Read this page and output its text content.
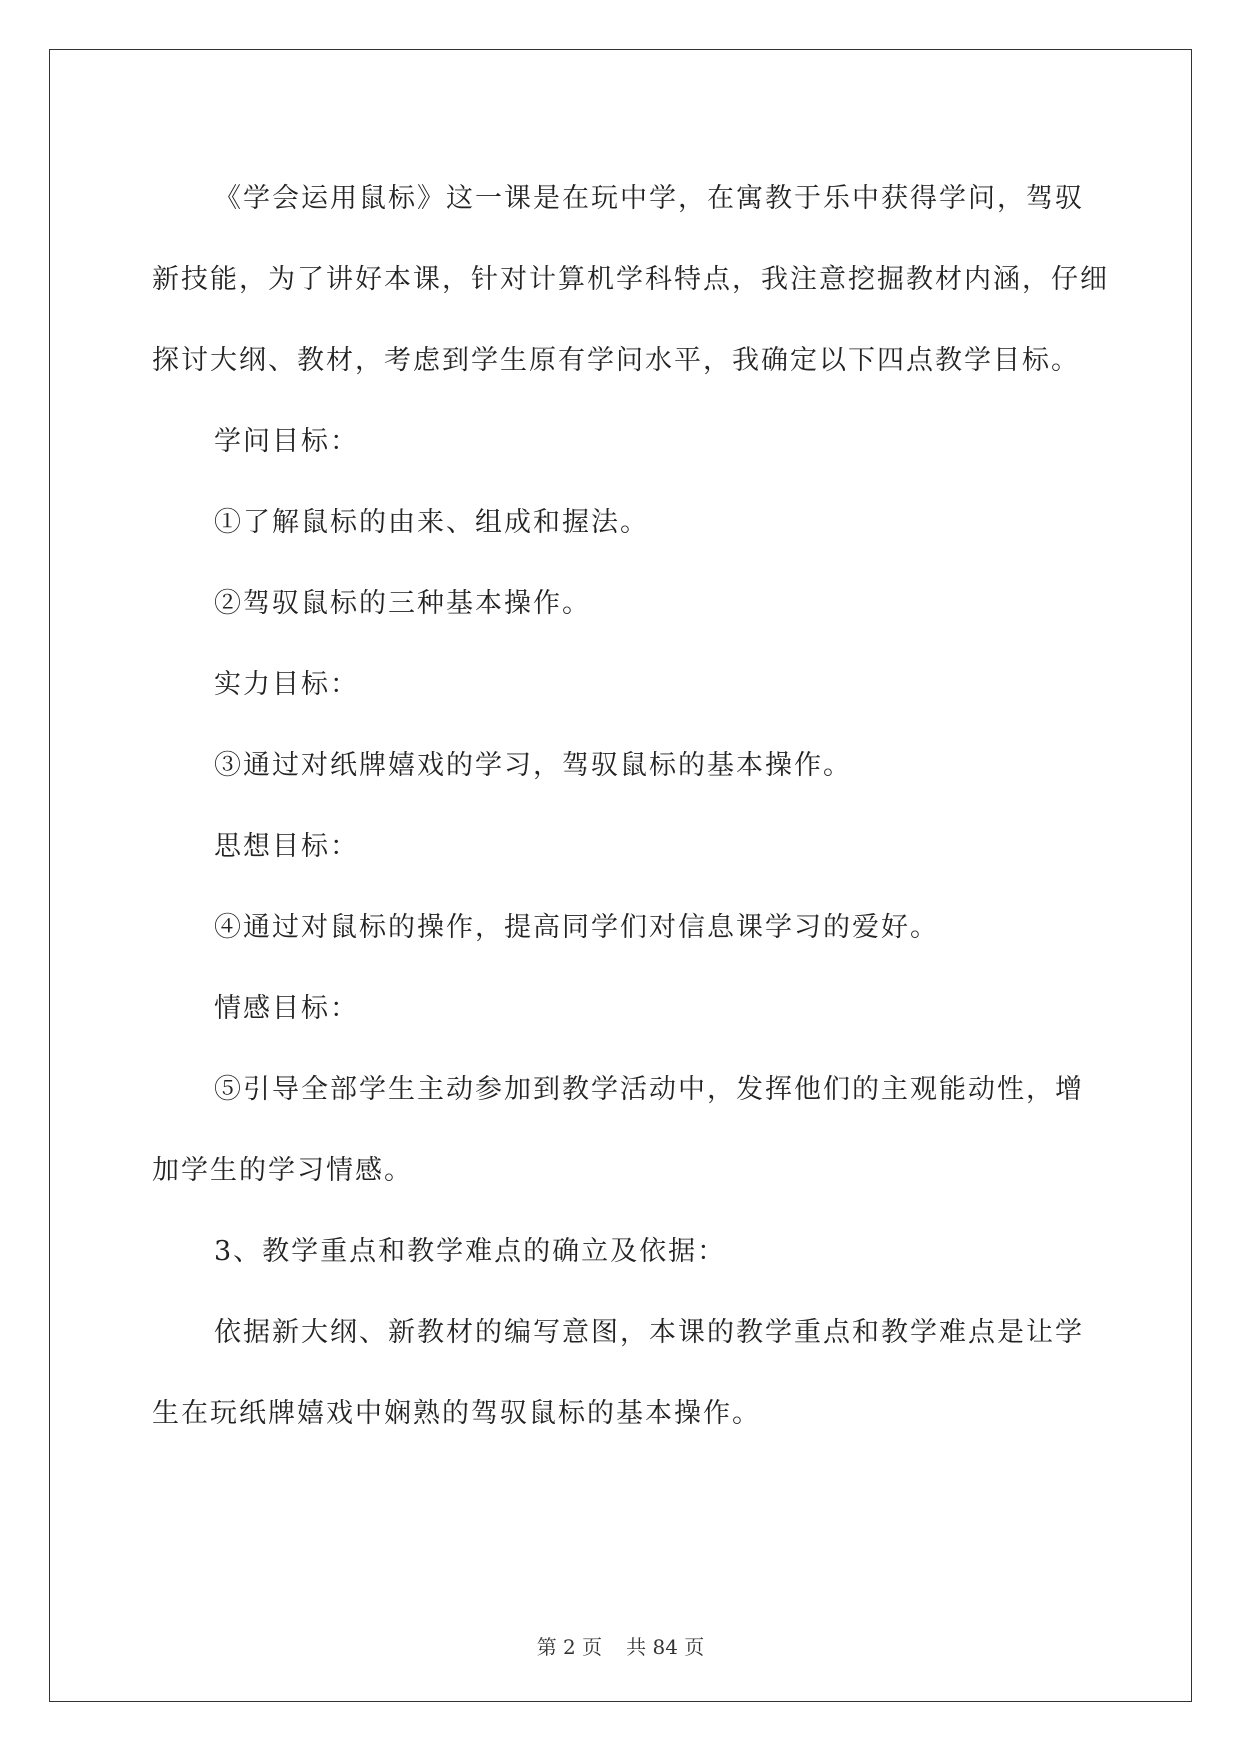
《学会运用鼠标》这一课是在玩中学，在寓教于乐中获得学问，驾驭新技能，为了讲好本课，针对计算机学科特点，我注意挖掘教材内涵，仔细探讨大纲、教材，考虑到学生原有学问水平，我确定以下四点教学目标。

学问目标：

①了解鼠标的由来、组成和握法。

②驾驭鼠标的三种基本操作。

实力目标：

③通过对纸牌嬉戏的学习，驾驭鼠标的基本操作。

思想目标：

④通过对鼠标的操作，提高同学们对信息课学习的爱好。

情感目标：

⑤引导全部学生主动参加到教学活动中，发挥他们的主观能动性，增加学生的学习情感。

3、教学重点和教学难点的确立及依据：

依据新大纲、新教材的编写意图，本课的教学重点和教学难点是让学生在玩纸牌嬉戏中娴熟的驾驭鼠标的基本操作。

第 2 页 共 84 页
